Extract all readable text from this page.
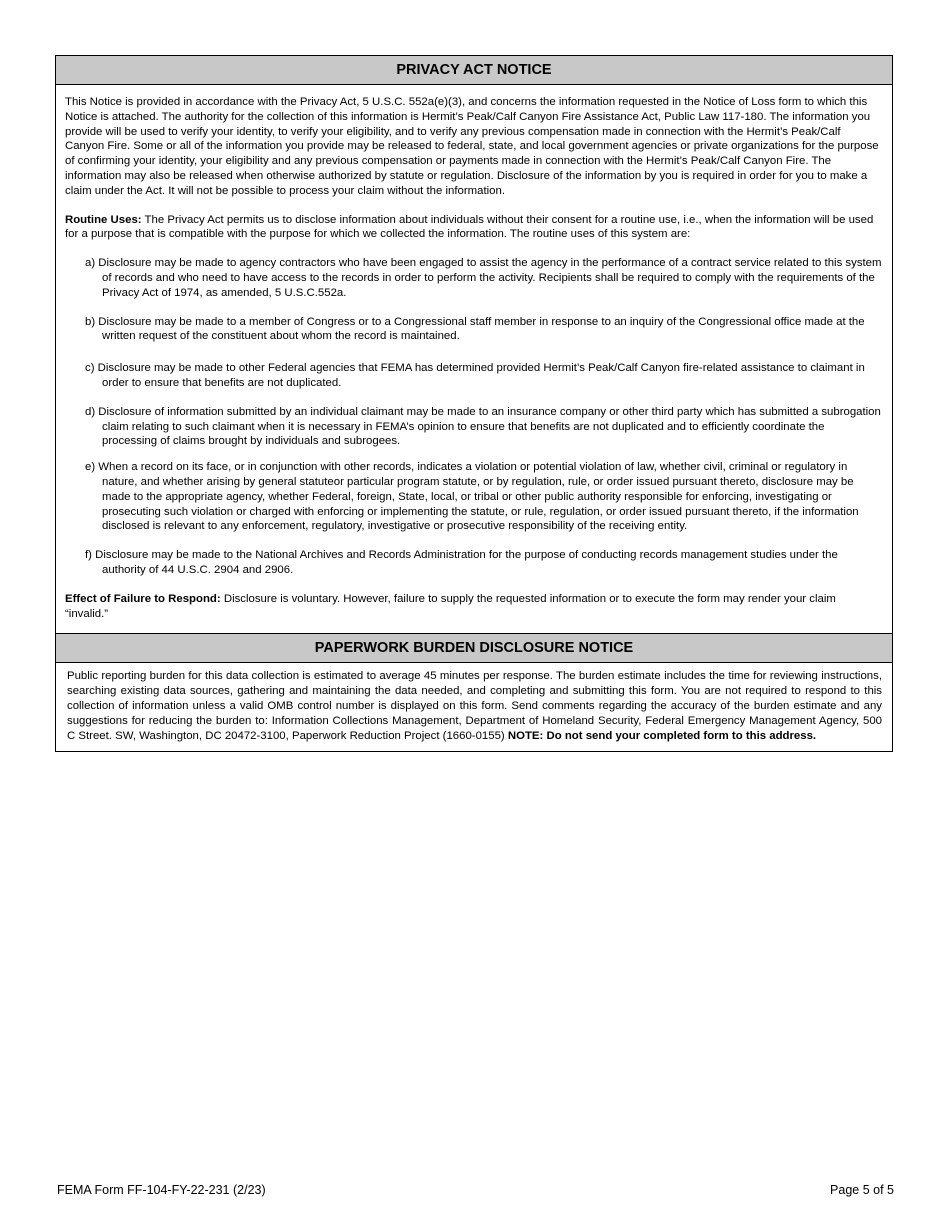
PRIVACY ACT NOTICE

This Notice is provided in accordance with the Privacy Act, 5 U.S.C. 552a(e)(3), and concerns the information requested in the Notice of Loss form to which this Notice is attached. The authority for the collection of this information is Hermit’s Peak/Calf Canyon Fire Assistance Act, Public Law 117-180. The information you provide will be used to verify your identity, to verify your eligibility, and to verify any previous compensation made in connection with the Hermit’s Peak/Calf Canyon Fire. Some or all of the information you provide may be released to federal, state, and local government agencies or private organizations for the purpose of confirming your identity, your eligibility and any previous compensation or payments made in connection with the Hermit’s Peak/Calf Canyon Fire. The information may also be released when otherwise authorized by statute or regulation. Disclosure of the information by you is required in order for you to make a claim under the Act. It will not be possible to process your claim without the information.

Routine Uses: The Privacy Act permits us to disclose information about individuals without their consent for a routine use, i.e., when the information will be used for a purpose that is compatible with the purpose for which we collected the information. The routine uses of this system are:

a) Disclosure may be made to agency contractors who have been engaged to assist the agency in the performance of a contract service related to this system of records and who need to have access to the records in order to perform the activity. Recipients shall be required to comply with the requirements of the Privacy Act of 1974, as amended, 5 U.S.C.552a.
b) Disclosure may be made to a member of Congress or to a Congressional staff member in response to an inquiry of the Congressional office made at the written request of the constituent about whom the record is maintained.
c) Disclosure may be made to other Federal agencies that FEMA has determined provided Hermit’s Peak/Calf Canyon fire-related assistance to claimant in order to ensure that benefits are not duplicated.
d) Disclosure of information submitted by an individual claimant may be made to an insurance company or other third party which has submitted a subrogation claim relating to such claimant when it is necessary in FEMA’s opinion to ensure that benefits are not duplicated and to efficiently coordinate the processing of claims brought by individuals and subrogees.
e) When a record on its face, or in conjunction with other records, indicates a violation or potential violation of law, whether civil, criminal or regulatory in nature, and whether arising by general statuteor particular program statute, or by regulation, rule, or order issued pursuant thereto, disclosure may be made to the appropriate agency, whether Federal, foreign, State, local, or tribal or other public authority responsible for enforcing, investigating or prosecuting such violation or charged with enforcing or implementing the statute, or rule, regulation, or order issued pursuant thereto, if the information disclosed is relevant to any enforcement, regulatory, investigative or prosecutive responsibility of the receiving entity.
f) Disclosure may be made to the National Archives and Records Administration for the purpose of conducting records management studies under the authority of 44 U.S.C. 2904 and 2906.

Effect of Failure to Respond: Disclosure is voluntary. However, failure to supply the requested information or to execute the form may render your claim “invalid.”

PAPERWORK BURDEN DISCLOSURE NOTICE
Public reporting burden for this data collection is estimated to average 45 minutes per response. The burden estimate includes the time for reviewing instructions, searching existing data sources, gathering and maintaining the data needed, and completing and submitting this form. You are not required to respond to this collection of information unless a valid OMB control number is displayed on this form. Send comments regarding the accuracy of the burden estimate and any suggestions for reducing the burden to: Information Collections Management, Department of Homeland Security, Federal Emergency Management Agency, 500 C Street. SW, Washington, DC 20472-3100, Paperwork Reduction Project (1660-0155) NOTE: Do not send your completed form to this address.
FEMA Form FF-104-FY-22-231 (2/23)	Page 5 of 5
